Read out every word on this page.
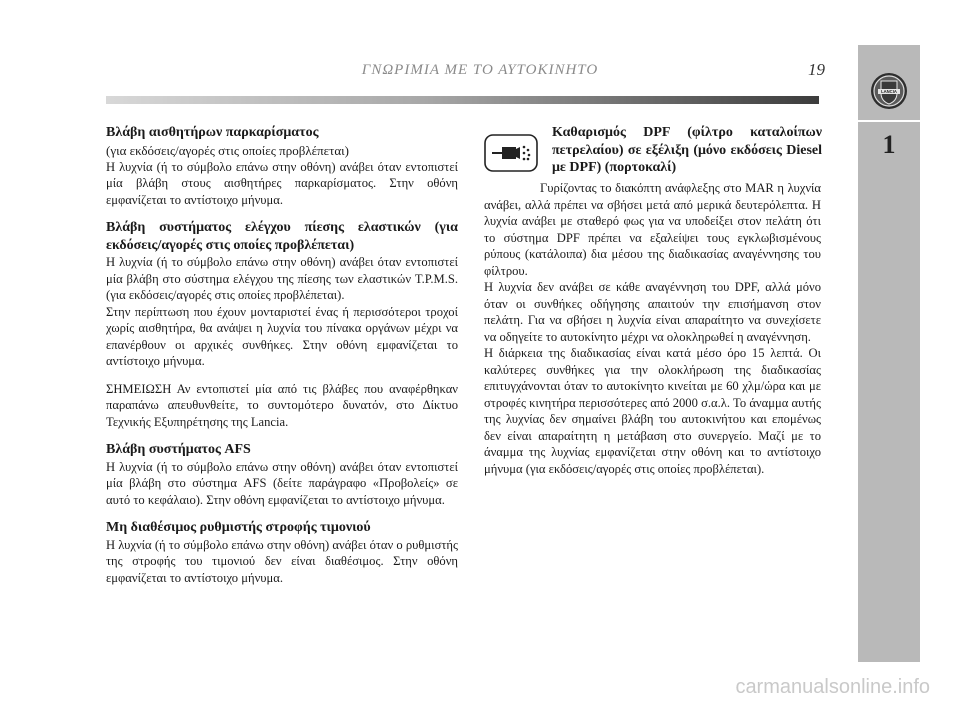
ΓΝΩΡΙΜΙΑ ΜΕ ΤΟ ΑΥΤΟΚΙΝΗΤΟ	19
LANCIA
1
Βλάβη αισθητήρων παρκαρίσματος

(για εκδόσεις/αγορές στις οποίες προβλέπεται)

Η λυχνία (ή το σύμβολο επάνω στην οθόνη) ανάβει όταν εντοπιστεί μία βλάβη στους αισθητήρες παρκαρίσματος. Στην οθόνη εμφανίζεται το αντίστοιχο μήνυμα.

Βλάβη συστήματος ελέγχου πίεσης ελαστικών (για εκδόσεις/αγορές στις οποίες προβλέπεται)

Η λυχνία (ή το σύμβολο επάνω στην οθόνη) ανάβει όταν εντοπιστεί μία βλάβη στο σύστημα ελέγχου της πίεσης των ελαστικών T.P.M.S. (για εκδόσεις/αγορές στις οποίες προβλέπεται).

Στην περίπτωση που έχουν μονταριστεί ένας ή περισσότεροι τροχοί χωρίς αισθητήρα, θα ανάψει η λυχνία του πίνακα οργάνων μέχρι να επανέρθουν οι αρχικές συνθήκες. Στην οθόνη εμφανίζεται το αντίστοιχο μήνυμα.

ΣΗΜΕΙΩΣΗ Αν εντοπιστεί μία από τις βλάβες που αναφέρθηκαν παραπάνω απευθυνθείτε, το συντομότερο δυνατόν, στο Δίκτυο Τεχνικής Εξυπηρέτησης της Lancia.

Βλάβη συστήματος AFS

Η λυχνία (ή το σύμβολο επάνω στην οθόνη) ανάβει όταν εντοπιστεί μία βλάβη στο σύστημα AFS (δείτε παράγραφο «Προβολείς» σε αυτό το κεφάλαιο). Στην οθόνη εμφανίζεται το αντίστοιχο μήνυμα.

Μη διαθέσιμος ρυθμιστής στροφής τιμονιού

Η λυχνία (ή το σύμβολο επάνω στην οθόνη) ανάβει όταν ο ρυθμιστής της στροφής του τιμονιού δεν είναι διαθέσιμος. Στην οθόνη εμφανίζεται το αντίστοιχο μήνυμα.

Καθαρισμός DPF (φίλτρο καταλοίπων πετρελαίου) σε εξέλιξη (μόνο εκδόσεις Diesel με DPF) (πορτοκαλί)

Γυρίζοντας το διακόπτη ανάφλεξης στο MAR η λυχνία ανάβει, αλλά πρέπει να σβήσει μετά από μερικά δευτερόλεπτα. Η λυχνία ανάβει με σταθερό φως για να υποδείξει στον πελάτη ότι το σύστημα DPF πρέπει να εξαλείψει τους εγκλωβισμένους ρύπους (κατάλοιπα) δια μέσου της διαδικασίας αναγέννησης του φίλτρου.

Η λυχνία δεν ανάβει σε κάθε αναγέννηση του DPF, αλλά μόνο όταν οι συνθήκες οδήγησης απαιτούν την επισήμανση στον πελάτη. Για να σβήσει η λυχνία είναι απαραίτητο να συνεχίσετε να οδηγείτε το αυτοκίνητο μέχρι να ολοκληρωθεί η αναγέννηση.

Η διάρκεια της διαδικασίας είναι κατά μέσο όρο 15 λεπτά. Οι καλύτερες συνθήκες για την ολοκλήρωση της διαδικασίας επιτυγχάνονται όταν το αυτοκίνητο κινείται με 60 χλμ/ώρα και με στροφές κινητήρα περισσότερες από 2000 σ.α.λ. Το άναμμα αυτής της λυχνίας δεν σημαίνει βλάβη του αυτοκινήτου και επομένως δεν είναι απαραίτητη η μετάβαση στο συνεργείο. Μαζί με το άναμμα της λυχνίας εμφανίζεται στην οθόνη και το αντίστοιχο μήνυμα (για εκδόσεις/αγορές στις οποίες προβλέπεται).

carmanualsonline.info
